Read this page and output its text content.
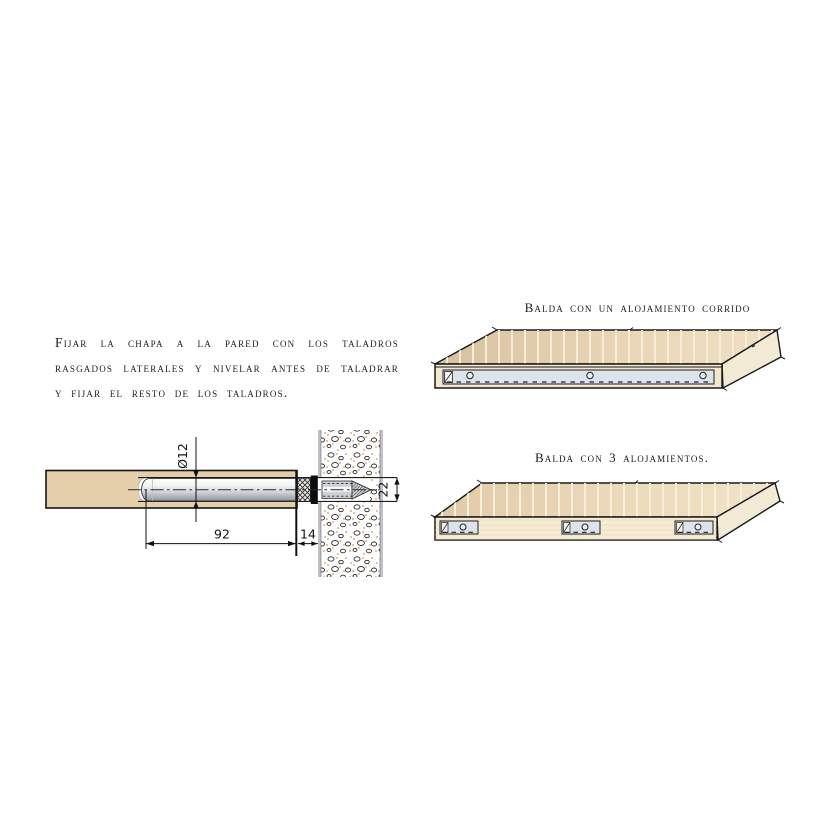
Fijar la chapa a la pared con los taladros rasgados laterales y nivelar antes de taladrar y fijar el resto de los taladros.

Balda con un alojamiento corrido

Ø12
92	14
22

Balda con 3 alojamientos.
